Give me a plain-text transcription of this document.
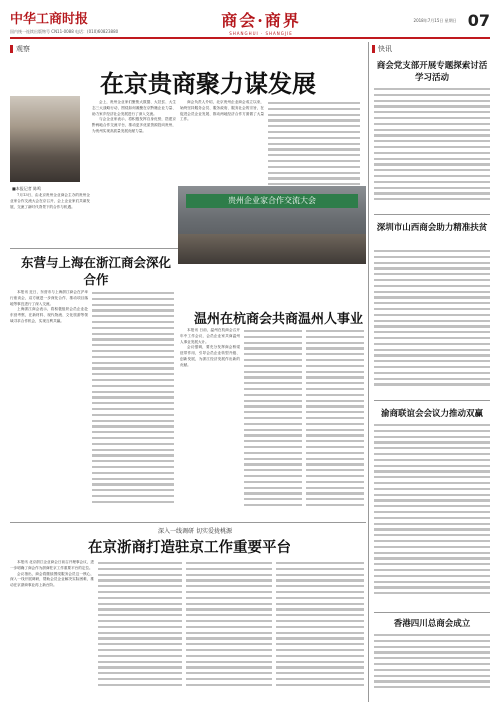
中华工商时报
国内统一连续出版物号 CN11-0088 电话：(010)60823880
商会·商界
SHANGHUI · SHANGJIE
2018年7月15日 星期日 07
观察	快讯
在京贵商聚力谋发展
■本报记者 陈鸣

7月13日，由北京贵州企业商会主办的贵州企业家合作交流大会在京召开，会上企业家们共谋发展，交流了新时代背景下的合作与机遇。

会上，贵州企业家们聚焦大数据、大扶贫、大生态三大战略行动，围绕如何凝聚在京黔籍企业力量、助力家乡经济社会发展进行了深入交流。

与会企业家表示，将积极发挥自身优势，搭建京黔两地合作交流平台，推动更多优质资源投向贵州，为贵州实现高质量发展贡献力量。

商会负责人介绍，北京贵州企业商会成立以来，始终坚持服务会员、服务政府、服务社会的宗旨，在促进会员企业发展、推动两地经济合作方面做了大量工作。

贵州企业家合作交流大会
东营与上海在浙江商会深化合作

本报讯 近日，东营市与上海浙江商会在沪举行座谈会，双方就进一步深化合作、推动项目落地等事宜进行了深入交流。

上海浙江商会表示，将积极组织会员企业赴东营考察，在新材料、现代物流、文化旅游等领域寻求合作机会，实现互利共赢。	温州在杭商会共商温州人事业

本报讯 日前，温州在杭商会召开年中工作会议，会员企业家共商温州人事业发展大计。

会议强调，要充分发挥商会桥梁纽带作用，引导会员企业转型升级、创新发展，为浙江经济发展作出新的贡献。

深入一线调研 切实爱拢桃源
在京浙商打造驻京工作重要平台

本报讯 北京浙江企业商会日前召开理事会议，进一步明确了商会作为浙商驻京工作重要平台的定位。

会议指出，商会将继续围绕服务会员这一核心，深入一线开展调研，帮助会员企业解决实际困难，推动在京浙商事业再上新台阶。

商会党支部开展专题探索讨活学习活动
深圳市山西商会助力精准扶贫
渝商联谊会会议力推动双赢
香港四川总商会成立
